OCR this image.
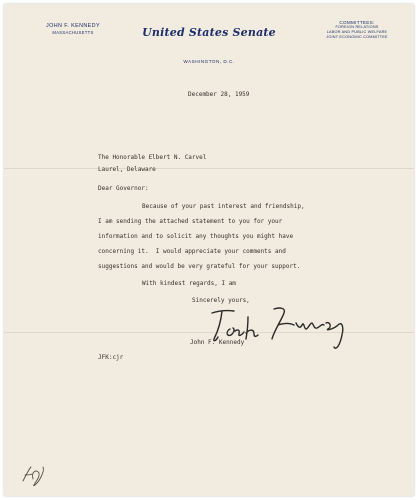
JOHN F. KENNEDY
MASSACHUSETTS	United States Senate
WASHINGTON, D.C.
COMMITTEES:
FOREIGN RELATIONS
LABOR AND PUBLIC WELFARE
JOINT ECONOMIC COMMITTEE
December 28, 1959
The Honorable Elbert N. Carvel
Laurel, Delaware
Dear Governor:
Because of your past interest and friendship,
I am sending the attached statement to you for your
information and to solicit any thoughts you might have
concerning it.  I would appreciate your comments and
suggestions and would be very grateful for your support.
With kindest regards, I am
Sincerely yours,
John F. Kennedy
JFK:cjr
